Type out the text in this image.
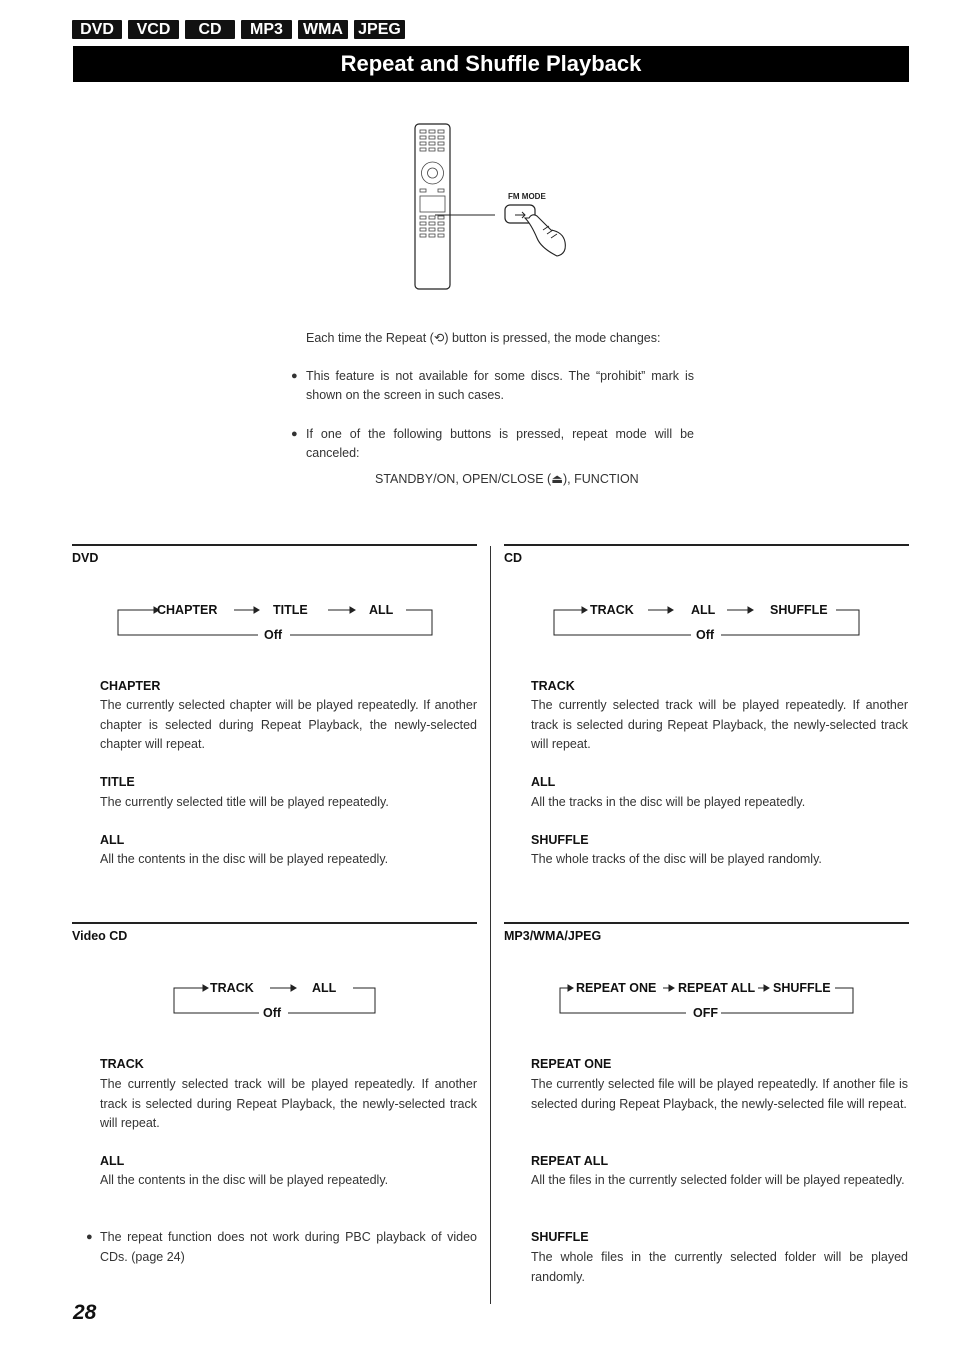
DVD	VCD	CD	MP3	WMA JPEG
Repeat and Shuffle Playback
FM MODE
Each time the Repeat (⟲) button is pressed, the mode changes:
● This feature is not available for some discs. The “prohibit” mark is shown on the screen in such cases.
● If one of the following buttons is pressed, repeat mode will be canceled:
STANDBY/ON, OPEN/CLOSE (⏏), FUNCTION
DVD
CHAPTER	TITLE	ALL
Off
CHAPTER
The currently selected chapter will be played repeatedly. If another chapter is selected during Repeat Playback, the newly-selected chapter will repeat.
TITLE
The currently selected title will be played repeatedly.
ALL
All the contents in the disc will be played repeatedly.
CD
TRACK	ALL	SHUFFLE
Off
TRACK
The currently selected track will be played repeatedly. If another track is selected during Repeat Playback, the newly-selected track will repeat.
ALL
All the tracks in the disc will be played repeatedly.
SHUFFLE
The whole tracks of the disc will be played randomly.
Video CD
TRACK	ALL
Off
TRACK
The currently selected track will be played repeatedly. If another track is selected during Repeat Playback, the newly-selected track will repeat.
ALL
All the contents in the disc will be played repeatedly.
● The repeat function does not work during PBC playback of video CDs. (page 24)
MP3/WMA/JPEG
REPEAT ONE REPEAT ALL SHUFFLE
OFF
REPEAT ONE
The currently selected file will be played repeatedly. If another file is selected during Repeat Playback, the newly-selected file will repeat.
REPEAT ALL
All the files in the currently selected folder will be played repeatedly.
SHUFFLE
The whole files in the currently selected folder will be played randomly.
28
